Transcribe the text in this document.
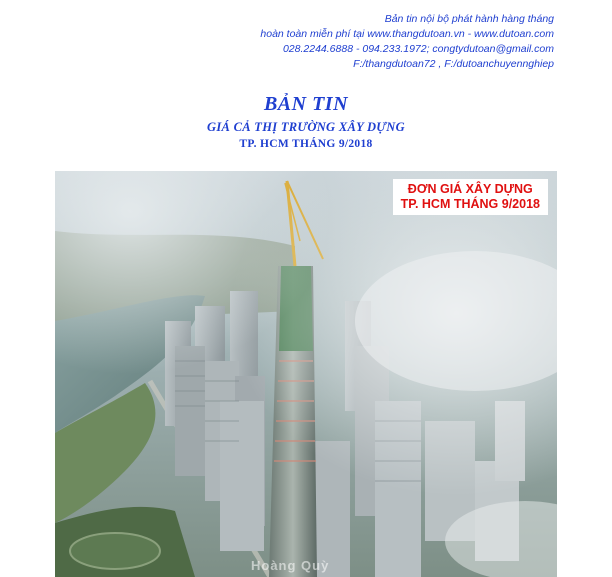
Bản tin nội bộ phát hành hàng tháng
hoàn toàn miễn phí tại www.thangdutoan.vn - www.dutoan.com
028.2244.6888 - 094.233.1972; congtydutoan@gmail.com
F:/thangdutoan72 , F:/dutoanchuyennghiep
BẢN TIN
GIÁ CẢ THỊ TRƯỜNG XÂY DỰNG
TP. HCM THÁNG 9/2018
ĐƠN GIÁ XÂY DỰNG
TP. HCM THÁNG 9/2018
Hoàng Quỳ
